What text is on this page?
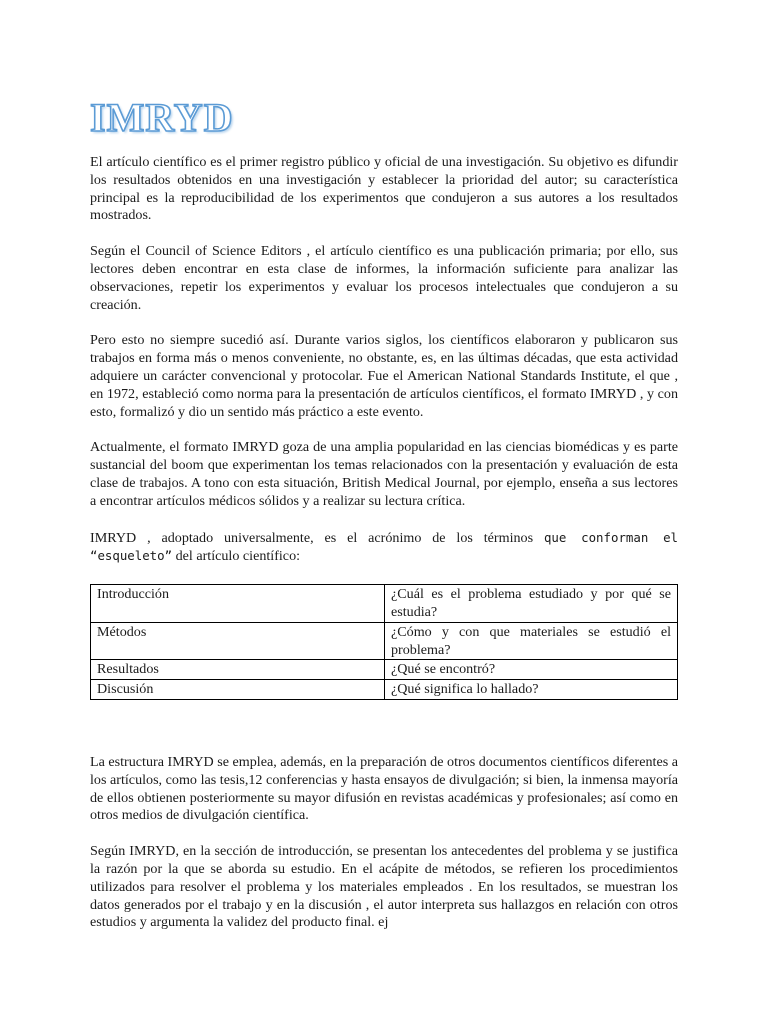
IMRYD

El artículo científico es el primer registro público y oficial de una investigación. Su objetivo es difundir los resultados obtenidos en una investigación y establecer la prioridad del autor; su característica principal es la reproducibilidad de los experimentos que condujeron a sus autores a los resultados mostrados.

Según el Council of Science Editors , el artículo científico es una publicación primaria; por ello, sus lectores deben encontrar en esta clase de informes, la información suficiente para analizar las observaciones, repetir los experimentos y evaluar los procesos intelectuales que condujeron a su creación.

Pero esto no siempre sucedió así. Durante varios siglos, los científicos elaboraron y publicaron sus trabajos en forma más o menos conveniente, no obstante, es, en las últimas décadas, que esta actividad adquiere un carácter convencional y protocolar. Fue el American National Standards Institute, el que , en 1972, estableció como norma para la presentación de artículos científicos, el formato IMRYD , y con esto, formalizó y dio un sentido más práctico a este evento.

Actualmente, el formato IMRYD goza de una amplia popularidad en las ciencias biomédicas y es parte sustancial del boom que experimentan los temas relacionados con la presentación y evaluación de esta clase de trabajos. A tono con esta situación, British Medical Journal, por ejemplo, enseña a sus lectores a encontrar artículos médicos sólidos y a realizar su lectura crítica.

IMRYD , adoptado universalmente, es el acrónimo de los términos que conforman el “esqueleto” del artículo científico:

Introducción	¿Cuál es el problema estudiado y por qué se estudia?
Métodos	¿Cómo y con que materiales se estudió el problema?
Resultados	¿Qué se encontró?
Discusión	¿Qué significa lo hallado?

La estructura IMRYD se emplea, además, en la preparación de otros documentos científicos diferentes a los artículos, como las tesis,12 conferencias y hasta ensayos de divulgación; si bien, la inmensa mayoría de ellos obtienen posteriormente su mayor difusión en revistas académicas y profesionales; así como en otros medios de divulgación científica.

Según IMRYD, en la sección de introducción, se presentan los antecedentes del problema y se justifica la razón por la que se aborda su estudio. En el acápite de métodos, se refieren los procedimientos utilizados para resolver el problema y los materiales empleados . En los resultados, se muestran los datos generados por el trabajo y en la discusión , el autor interpreta sus hallazgos en relación con otros estudios y argumenta la validez del producto final. ej
